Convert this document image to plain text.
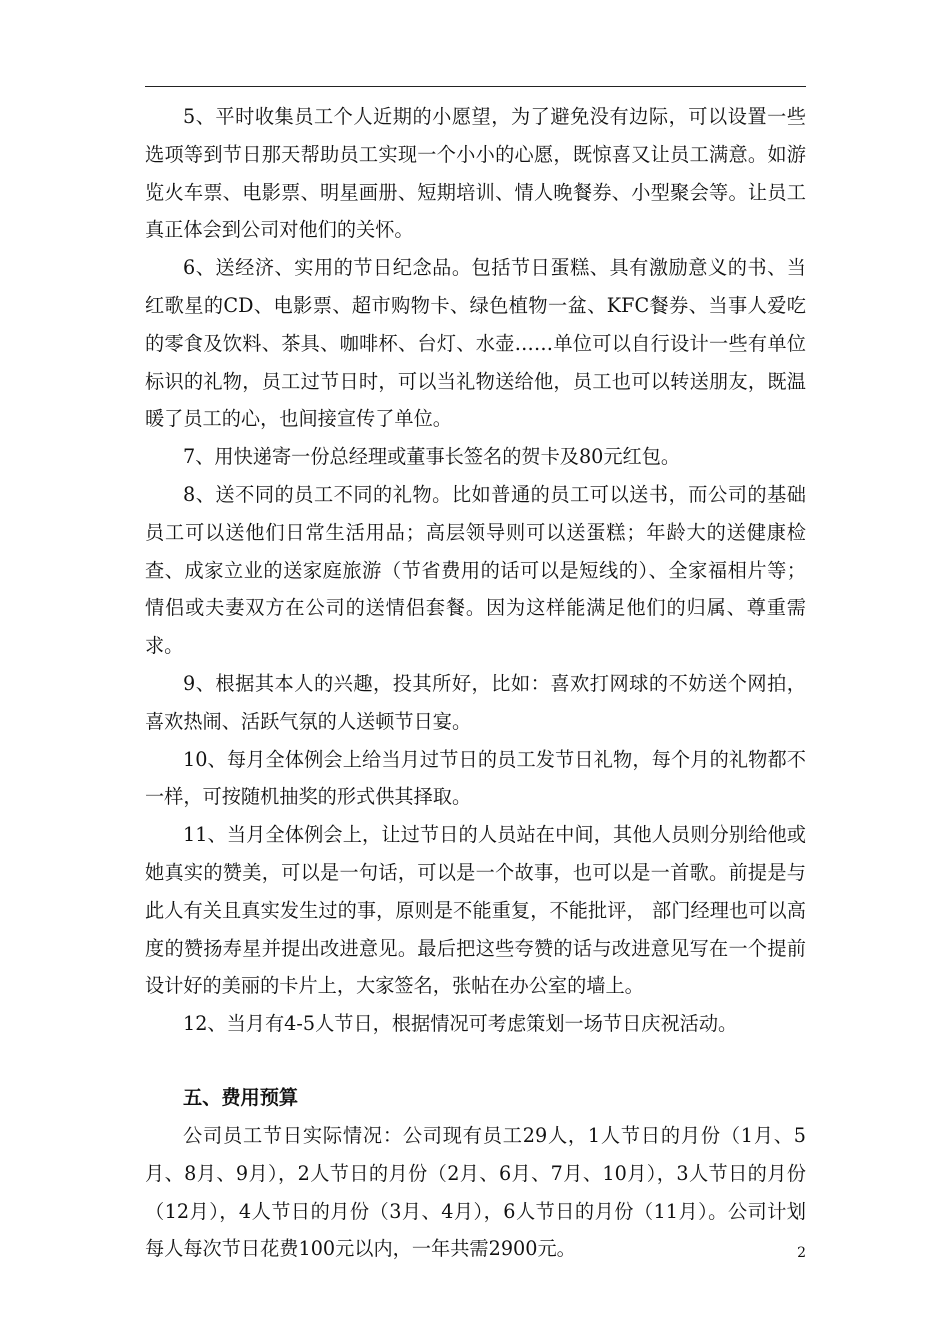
5、平时收集员工个人近期的小愿望，为了避免没有边际，可以设置一些选项等到节日那天帮助员工实现一个小小的心愿，既惊喜又让员工满意。如游览火车票、电影票、明星画册、短期培训、情人晚餐券、小型聚会等。让员工真正体会到公司对他们的关怀。

6、送经济、实用的节日纪念品。包括节日蛋糕、具有激励意义的书、当红歌星的CD、电影票、超市购物卡、绿色植物一盆、KFC餐券、当事人爱吃的零食及饮料、茶具、咖啡杯、台灯、水壶……单位可以自行设计一些有单位标识的礼物，员工过节日时，可以当礼物送给他，员工也可以转送朋友，既温暖了员工的心，也间接宣传了单位。

7、用快递寄一份总经理或董事长签名的贺卡及80元红包。

8、送不同的员工不同的礼物。比如普通的员工可以送书，而公司的基础员工可以送他们日常生活用品；高层领导则可以送蛋糕；年龄大的送健康检查、成家立业的送家庭旅游（节省费用的话可以是短线的）、全家福相片等；情侣或夫妻双方在公司的送情侣套餐。因为这样能满足他们的归属、尊重需求。

9、根据其本人的兴趣，投其所好，比如：喜欢打网球的不妨送个网拍，喜欢热闹、活跃气氛的人送顿节日宴。

10、每月全体例会上给当月过节日的员工发节日礼物，每个月的礼物都不一样，可按随机抽奖的形式供其择取。

11、当月全体例会上，让过节日的人员站在中间，其他人员则分别给他或她真实的赞美，可以是一句话，可以是一个故事，也可以是一首歌。前提是与此人有关且真实发生过的事，原则是不能重复，不能批评， 部门经理也可以高度的赞扬寿星并提出改进意见。最后把这些夸赞的话与改进意见写在一个提前设计好的美丽的卡片上，大家签名，张帖在办公室的墙上。

12、当月有4-5人节日，根据情况可考虑策划一场节日庆祝活动。

五、费用预算

公司员工节日实际情况：公司现有员工29人，1人节日的月份（1月、5月、8月、9月），2人节日的月份（2月、6月、7月、10月），3人节日的月份（12月），4人节日的月份（3月、4月），6人节日的月份（11月）。公司计划每人每次节日花费100元以内，一年共需2900元。	2
